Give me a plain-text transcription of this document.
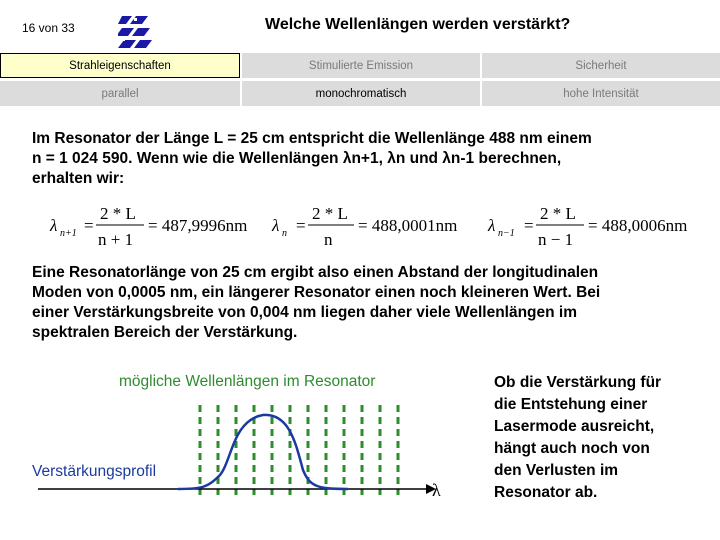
16 von 33	Welche Wellenlängen werden verstärkt?
Strahleigenschaften	Stimulierte Emission	Sicherheit
parallel	monochromatisch	hohe Intensität
Im Resonator der Länge L = 25 cm entspricht die Wellenlänge 488 nm einem
n = 1 024 590. Wenn wie die Wellenlängen λn+1, λn und λn-1 berechnen,
erhalten wir:
λ n+1 =
2 * L
n + 1
= 487,9996nm λ n =
2 * L
n
= 488,0001nm λ n−1 =
2 * L
n − 1
= 488,0006nm
Eine Resonatorlänge von 25 cm ergibt also einen Abstand der longitudinalen
Moden von 0,0005 nm, ein längerer Resonator einen noch kleineren Wert. Bei
einer Verstärkungsbreite von 0,004 nm liegen daher viele Wellenlängen im
spektralen Bereich der Verstärkung.
mögliche Wellenlängen im Resonator
Verstärkungsprofil
λ
Ob die Verstärkung für
die Entstehung einer
Lasermode ausreicht,
hängt auch noch von
den Verlusten im
Resonator ab.
